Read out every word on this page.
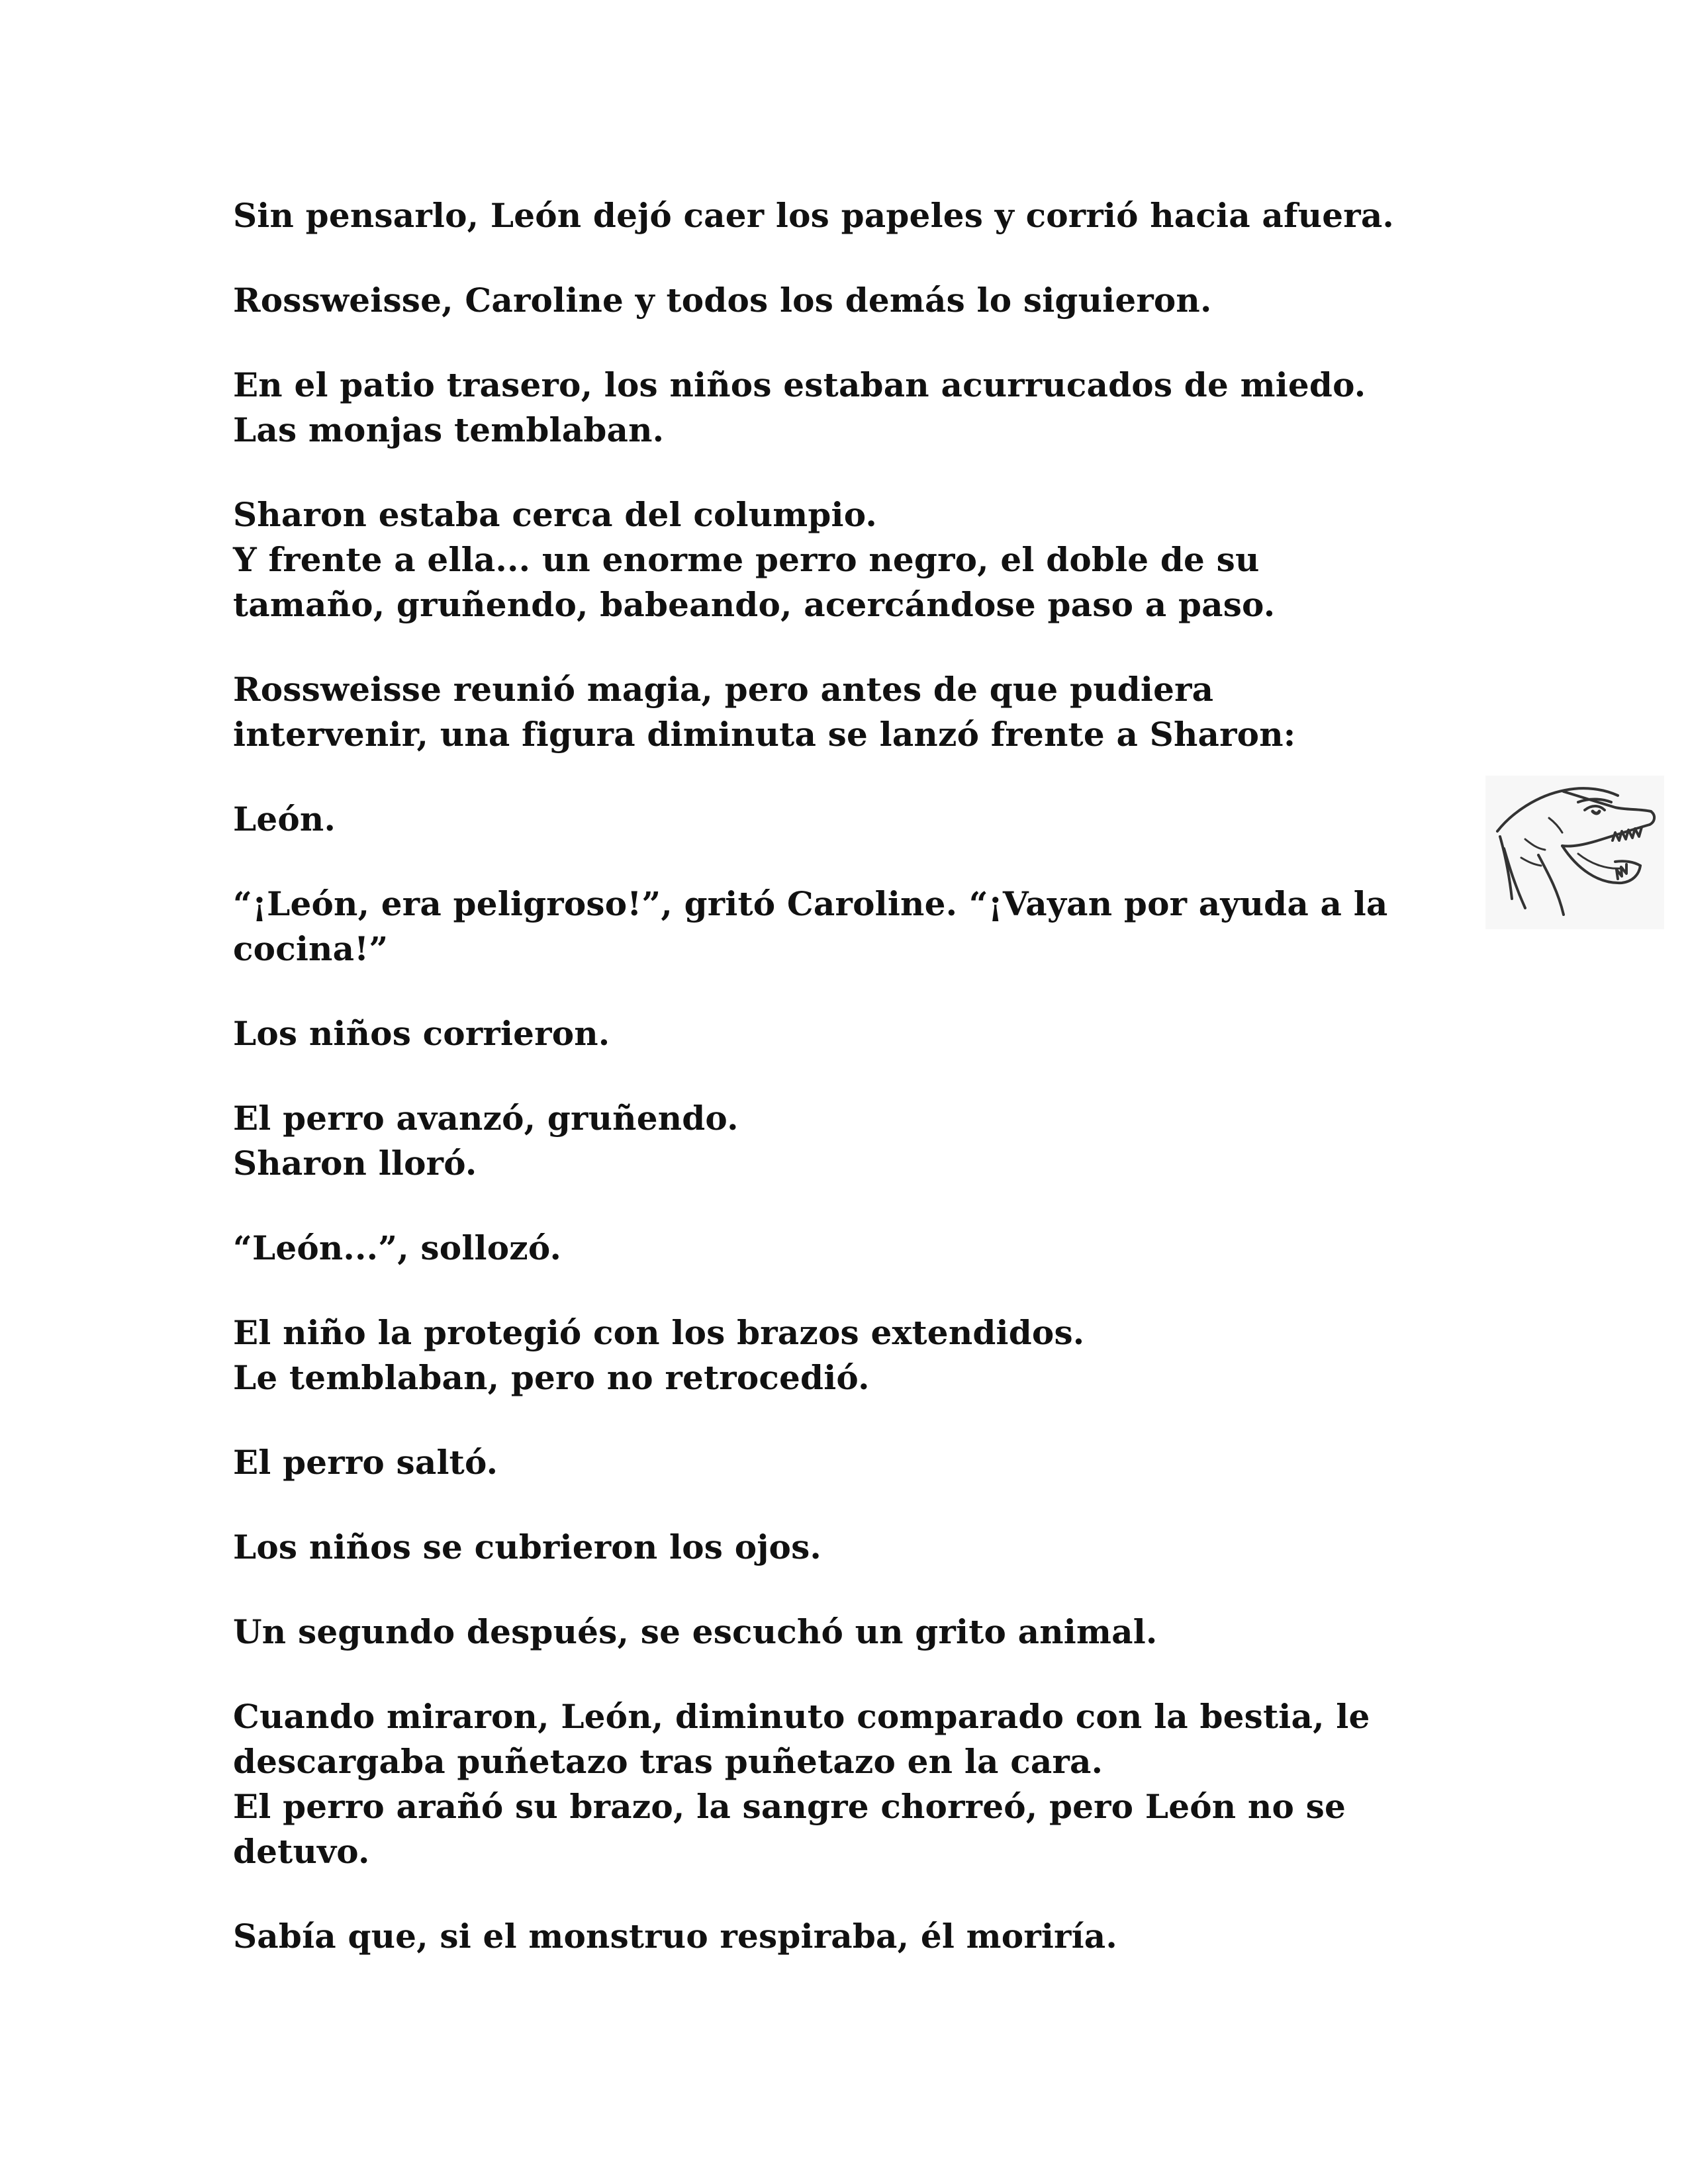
Sin pensarlo, León dejó caer los papeles y corrió hacia afuera.

Rossweisse, Caroline y todos los demás lo siguieron.

En el patio trasero, los niños estaban acurrucados de miedo.
Las monjas temblaban.

Sharon estaba cerca del columpio.
Y frente a ella... un enorme perro negro, el doble de su
tamaño, gruñendo, babeando, acercándose paso a paso.

Rossweisse reunió magia, pero antes de que pudiera
intervenir, una figura diminuta se lanzó frente a Sharon:

León.

“¡León, era peligroso!”, gritó Caroline. “¡Vayan por ayuda a la
cocina!”

Los niños corrieron.

El perro avanzó, gruñendo.
Sharon lloró.

“León...”, sollozó.

El niño la protegió con los brazos extendidos.
Le temblaban, pero no retrocedió.

El perro saltó.

Los niños se cubrieron los ojos.

Un segundo después, se escuchó un grito animal.

Cuando miraron, León, diminuto comparado con la bestia, le
descargaba puñetazo tras puñetazo en la cara.
El perro arañó su brazo, la sangre chorreó, pero León no se
detuvo.

Sabía que, si el monstruo respiraba, él moriría.
